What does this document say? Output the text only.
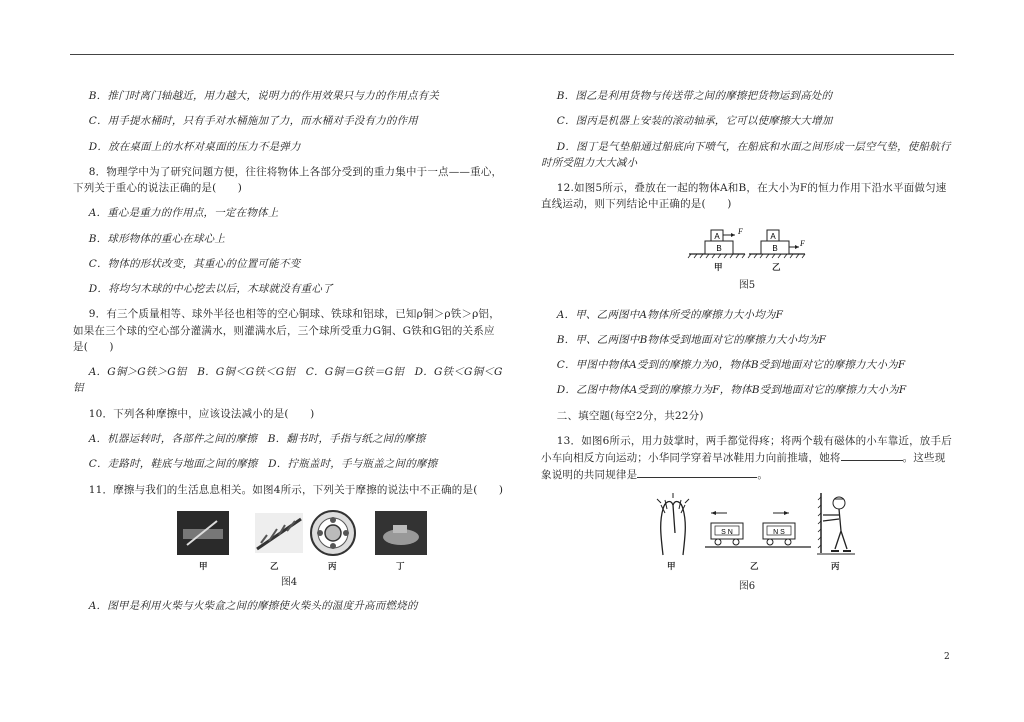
B．推门时离门轴越近，用力越大，说明力的作用效果只与力的作用点有关

C．用手提水桶时，只有手对水桶施加了力，而水桶对手没有力的作用

D．放在桌面上的水杯对桌面的压力不是弹力

8．物理学中为了研究问题方便，往往将物体上各部分受到的重力集中于一点——重心，下列关于重心的说法正确的是(　　)

A．重心是重力的作用点，一定在物体上

B．球形物体的重心在球心上

C．物体的形状改变，其重心的位置可能不变

D．将均匀木球的中心挖去以后，木球就没有重心了

9．有三个质量相等、球外半径也相等的空心铜球、铁球和铝球，已知ρ铜＞ρ铁＞ρ铝，如果在三个球的空心部分灌满水，则灌满水后，三个球所受重力G铜、G铁和G铝的关系应是(　　)

A．G铜＞G铁＞G铝　B．G铜＜G铁＜G铝　C．G铜＝G铁＝G铝　D．G铁＜G铜＜G铝

10．下列各种摩擦中，应该设法减小的是(　　)

A．机器运转时，各部件之间的摩擦　B．翻书时，手指与纸之间的摩擦

C．走路时，鞋底与地面之间的摩擦　D．拧瓶盖时，手与瓶盖之间的摩擦

11．摩擦与我们的生活息息相关。如图4所示，下列关于摩擦的说法中不正确的是(　　)

甲	乙	丙	丁
图4

A．图甲是利用火柴与火柴盒之间的摩擦使火柴头的温度升高而燃烧的

B．图乙是利用货物与传送带之间的摩擦把货物运到高处的

C．图丙是机器上安装的滚动轴承，它可以使摩擦大大增加

D．图丁是气垫船通过船底向下喷气，在船底和水面之间形成一层空气垫，使船航行时所受阻力大大减小

12.如图5所示，叠放在一起的物体A和B，在大小为F的恒力作用下沿水平面做匀速直线运动，则下列结论中正确的是(　　)

A
B
F
A
B
F
甲	乙
图5

A．甲、乙两图中A物体所受的摩擦力大小均为F

B．甲、乙两图中B物体受到地面对它的摩擦力大小均为F

C．甲图中物体A受到的摩擦力为0，物体B受到地面对它的摩擦力大小为F

D．乙图中物体A受到的摩擦力为F，物体B受到地面对它的摩擦力大小为F

二、填空题(每空2分，共22分)

13．如图6所示，用力鼓掌时，两手都觉得疼；将两个载有磁体的小车靠近，放手后小车向相反方向运动；小华同学穿着旱冰鞋用力向前推墙，她将	。这些现象说明的共同规律是	。

S N	N S
甲	乙	丙
图6
2
